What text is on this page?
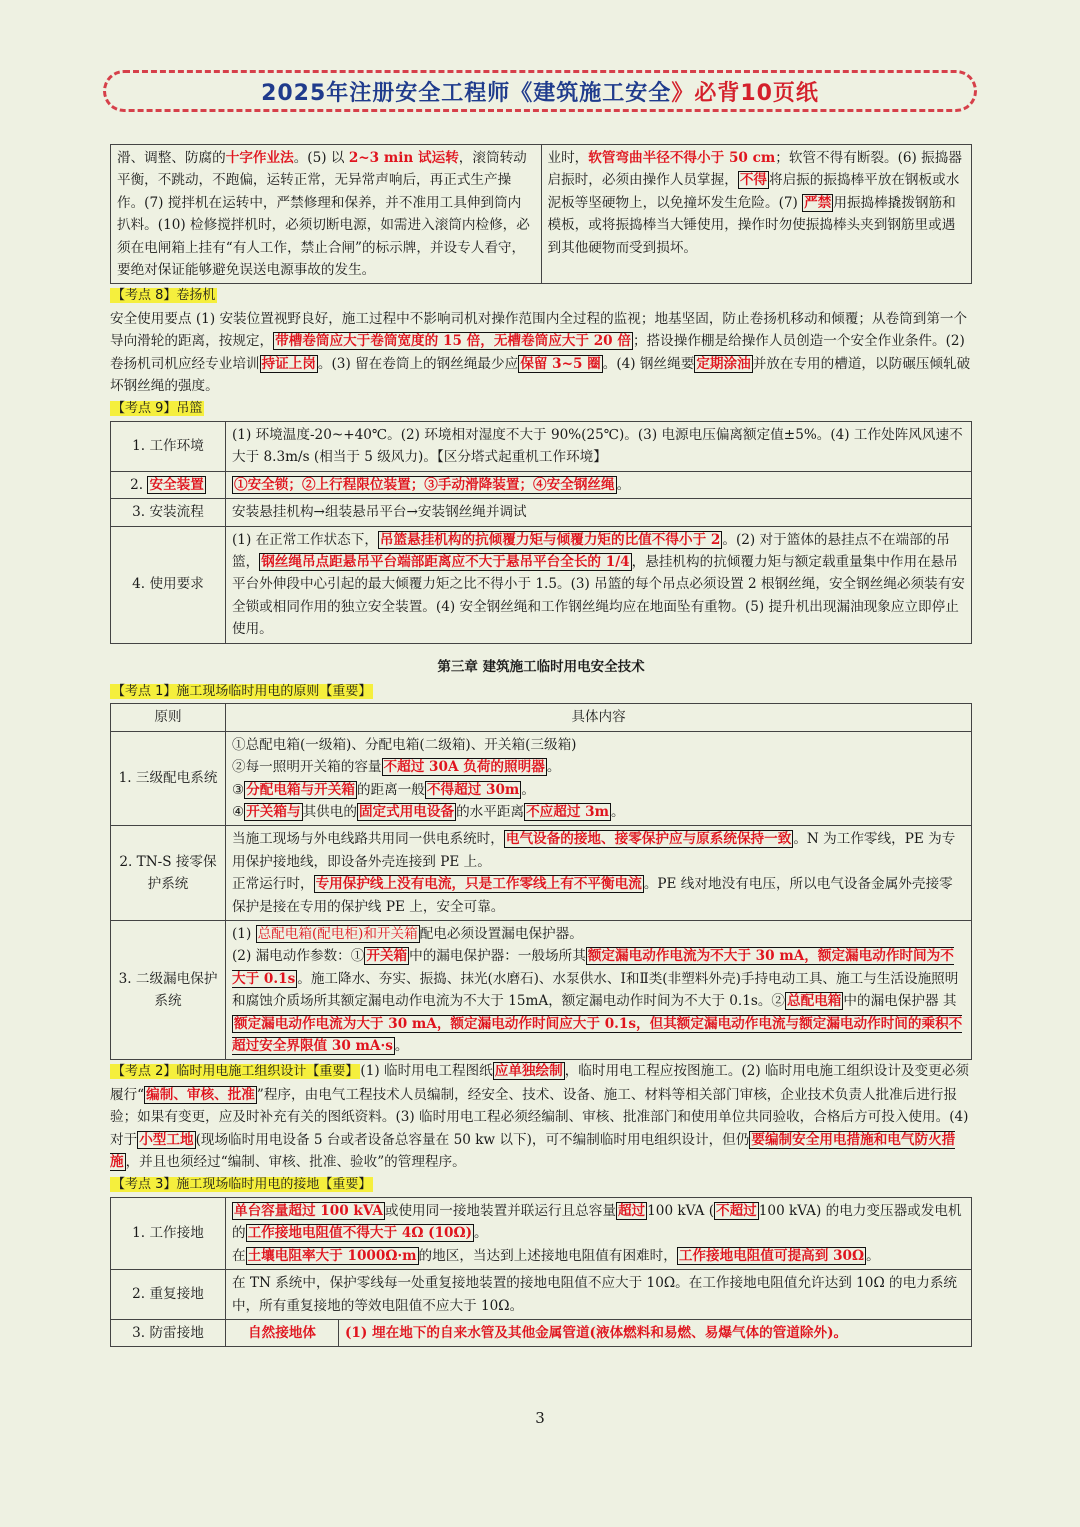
2025年注册安全工程师《建筑施工安全》必背10页纸
滑、调整、防腐的十字作业法。(5) 以 2~3 min 试运转，滚筒转动平衡，不跳动，不跑偏，运转正常，无异常声响后，再正式生产操作。(7) 搅拌机在运转中，严禁修理和保养，并不准用工具伸到筒内扒料。(10) 检修搅拌机时，必须切断电源，如需进入滚筒内检修，必须在电闸箱上挂有“有人工作，禁止合闸”的标示牌，并设专人看守，要绝对保证能够避免误送电源事故的发生。	业时，软管弯曲半径不得小于 50 cm；软管不得有断裂。(6) 振捣器启振时，必须由操作人员掌握， 不得 将启振的振捣棒平放在钢板或水泥板等坚硬物上，以免撞坏发生危险。(7) 严禁 用振捣棒撬拨钢筋和模板，或将振捣棒当大锤使用，操作时勿使振捣棒头夹到钢筋里或遇到其他硬物而受到损坏。

【考点 8】卷扬机

安全使用要点 (1) 安装位置视野良好，施工过程中不影响司机对操作范围内全过程的监视；地基坚固，防止卷扬机移动和倾覆；从卷筒到第一个导向滑轮的距离，按规定， 带槽卷筒应大于卷筒宽度的 15 倍，无槽卷筒应大于 20 倍 ；搭设操作棚是给操作人员创造一个安全作业条件。(2) 卷扬机司机应经专业培训 持证上岗 。(3) 留在卷筒上的钢丝绳最少应 保留 3~5 圈 。(4) 钢丝绳要 定期涂油 并放在专用的槽道，以防碾压倾轧破坏钢丝绳的强度。

【考点 9】吊篮

1. 工作环境	(1) 环境温度-20~+40℃。(2) 环境相对湿度不大于 90%(25℃)。(3) 电源电压偏离额定值±5%。(4) 工作处阵风风速不大于 8.3m/s (相当于 5 级风力)。【区分塔式起重机工作环境】
2. 安全装置	①安全锁；②上行程限位装置；③手动滑降装置；④安全钢丝绳 。
3. 安装流程	安装悬挂机构→组装悬吊平台→安装钢丝绳并调试
4. 使用要求	(1) 在正常工作状态下， 吊篮悬挂机构的抗倾覆力矩与倾覆力矩的比值不得小于 2 。(2) 对于篮体的悬挂点不在端部的吊篮， 钢丝绳吊点距悬吊平台端部距离应不大于悬吊平台全长的 1/4 ，悬挂机构的抗倾覆力矩与额定载重量集中作用在悬吊平台外伸段中心引起的最大倾覆力矩之比不得小于 1.5。(3) 吊篮的每个吊点必须设置 2 根钢丝绳，安全钢丝绳必须装有安全锁或相同作用的独立安全装置。(4) 安全钢丝绳和工作钢丝绳均应在地面坠有重物。(5) 提升机出现漏油现象应立即停止使用。
第三章 建筑施工临时用电安全技术

【考点 1】施工现场临时用电的原则【重要】

原则	具体内容
1. 三级配电系统	①总配电箱(一级箱)、分配电箱(二级箱)、开关箱(三级箱)

②每一照明开关箱的容量 不超过 30A 负荷的照明器 。

③ 分配电箱与开关箱 的距离一般 不得超过 30m 。

④ 开关箱与 其供电的 固定式用电设备 的水平距离 不应超过 3m 。

2. TN-S 接零保护系统	当施工现场与外电线路共用同一供电系统时， 电气设备的接地、接零保护应与原系统保持一致 。N 为工作零线，PE 为专用保护接地线，即设备外壳连接到 PE 上。

正常运行时， 专用保护线上没有电流，只是工作零线上有不平衡电流 。PE 线对地没有电压，所以电气设备金属外壳接零保护是接在专用的保护线 PE 上，安全可靠。

3. 二级漏电保护系统	(1) 总配电箱(配电柜)和开关箱 配电必须设置漏电保护器。

(2) 漏电动作参数：① 开关箱 中的漏电保护器：一般场所其 额定漏电动作电流为不大于 30 mA，额定漏电动作时间为不大于 0.1s 。施工降水、夯实、振捣、抹光(水磨石)、水泵供水、Ⅰ和Ⅱ类(非塑料外壳)手持电动工具、施工与生活设施照明和腐蚀介质场所其额定漏电动作电流为不大于 15mA，额定漏电动作时间为不大于 0.1s。② 总配电箱 中的漏电保护器 其额定漏电动作电流为大于 30 mA，额定漏电动作时间应大于 0.1s，但其额定漏电动作电流与额定漏电动作时间的乘积不超过安全界限值 30 mA·s 。

【考点 2】临时用电施工组织设计【重要】 (1) 临时用电工程图纸 应单独绘制 ，临时用电工程应按图施工。(2) 临时用电施工组织设计及变更必须履行“ 编制、审核、批准 ”程序，由电气工程技术人员编制，经安全、技术、设备、施工、材料等相关部门审核，企业技术负责人批准后进行报验；如果有变更，应及时补充有关的图纸资料。(3) 临时用电工程必须经编制、审核、批准部门和使用单位共同验收，合格后方可投入使用。(4) 对于 小型工地 (现场临时用电设备 5 台或者设备总容量在 50 kw 以下)，可不编制临时用电组织设计，但仍 要编制安全用电措施和电气防火措施 ，并且也须经过“编制、审核、批准、验收”的管理程序。

【考点 3】施工现场临时用电的接地【重要】

1. 工作接地	单台容量超过 100 kVA 或使用同一接地装置并联运行且总容量 超过 100 kVA ( 不超过 100 kVA) 的电力变压器或发电机的 工作接地电阻值不得大于 4Ω (10Ω) 。
在 土壤电阻率大于 1000Ω·m 的地区，当达到上述接地电阻值有困难时， 工作接地电阻值可提高到 30Ω 。	
2. 重复接地	在 TN 系统中，保护零线每一处重复接地装置的接地电阻值不应大于 10Ω。在工作接地电阻值允许达到 10Ω 的电力系统中，所有重复接地的等效电阻值不应大于 10Ω。	
3. 防雷接地	自然接地体	(1) 埋在地下的自来水管及其他金属管道(液体燃料和易燃、易爆气体的管道除外)。
3
